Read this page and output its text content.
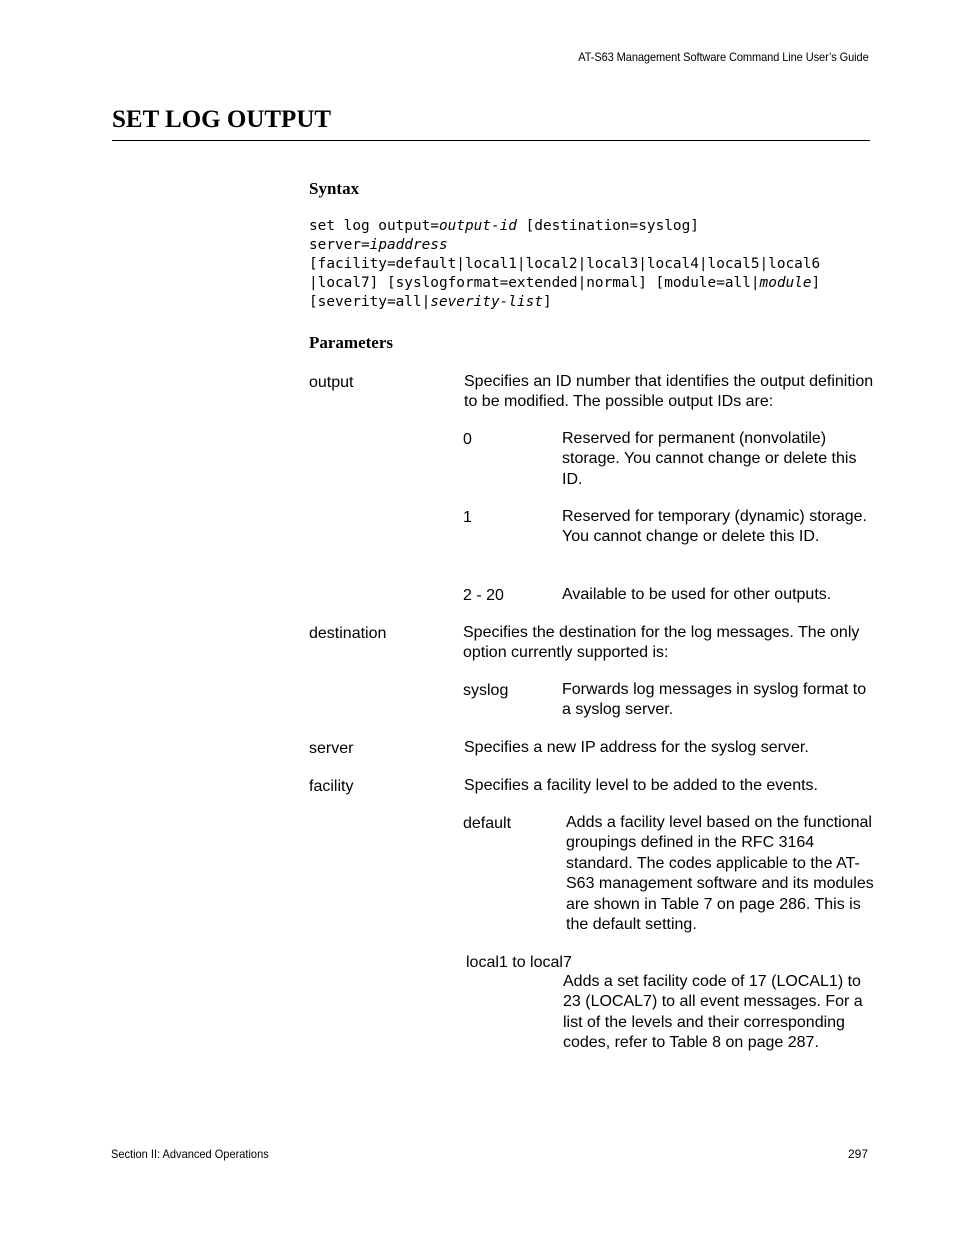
AT-S63 Management Software Command Line User’s Guide
SET LOG OUTPUT
Syntax
set log output=output-id [destination=syslog]
server=ipaddress
[facility=default|local1|local2|local3|local4|local5|local6
|local7] [syslogformat=extended|normal] [module=all|module]
[severity=all|severity-list]
Parameters
output	Specifies an ID number that identifies the output definition to be modified. The possible output IDs are:
0	Reserved for permanent (nonvolatile) storage. You cannot change or delete this ID.
1	Reserved for temporary (dynamic) storage. You cannot change or delete this ID.
2 - 20	Available to be used for other outputs.
destination	Specifies the destination for the log messages. The only option currently supported is:
syslog	Forwards log messages in syslog format to a syslog server.
server	Specifies a new IP address for the syslog server.
facility	Specifies a facility level to be added to the events.
default	Adds a facility level based on the functional groupings defined in the RFC 3164 standard. The codes applicable to the AT-S63 management software and its modules are shown in Table 7 on page 286. This is the default setting.
local1 to local7
Adds a set facility code of 17 (LOCAL1) to 23 (LOCAL7) to all event messages. For a list of the levels and their corresponding codes, refer to Table 8 on page 287.
Section II: Advanced Operations	297
